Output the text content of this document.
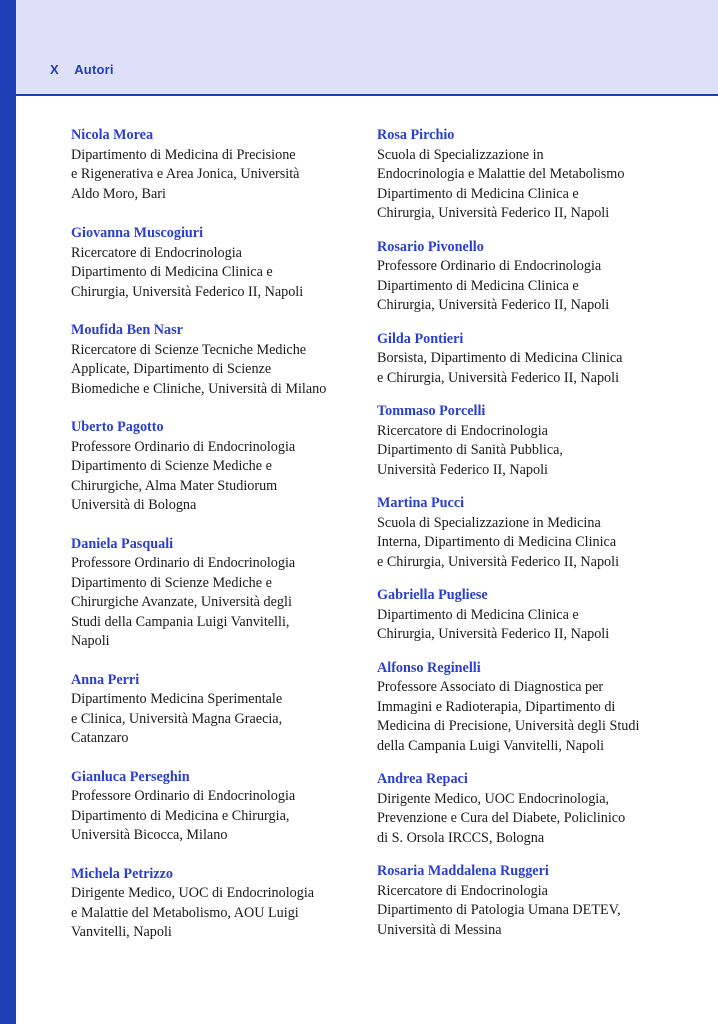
X Autori
Nicola Morea
Dipartimento di Medicina di Precisione
e Rigenerativa e Area Jonica, Università
Aldo Moro, Bari
Giovanna Muscogiuri
Ricercatore di Endocrinologia
Dipartimento di Medicina Clinica e
Chirurgia, Università Federico II, Napoli
Moufida Ben Nasr
Ricercatore di Scienze Tecniche Mediche
Applicate, Dipartimento di Scienze
Biomediche e Cliniche, Università di Milano
Uberto Pagotto
Professore Ordinario di Endocrinologia
Dipartimento di Scienze Mediche e
Chirurgiche, Alma Mater Studiorum
Università di Bologna
Daniela Pasquali
Professore Ordinario di Endocrinologia
Dipartimento di Scienze Mediche e
Chirurgiche Avanzate, Università degli
Studi della Campania Luigi Vanvitelli,
Napoli
Anna Perri
Dipartimento Medicina Sperimentale
e Clinica, Università Magna Graecia,
Catanzaro
Gianluca Perseghin
Professore Ordinario di Endocrinologia
Dipartimento di Medicina e Chirurgia,
Università Bicocca, Milano
Michela Petrizzo
Dirigente Medico, UOC di Endocrinologia
e Malattie del Metabolismo, AOU Luigi
Vanvitelli, Napoli
Rosa Pirchio
Scuola di Specializzazione in
Endocrinologia e Malattie del Metabolismo
Dipartimento di Medicina Clinica e
Chirurgia, Università Federico II, Napoli
Rosario Pivonello
Professore Ordinario di Endocrinologia
Dipartimento di Medicina Clinica e
Chirurgia, Università Federico II, Napoli
Gilda Pontieri
Borsista, Dipartimento di Medicina Clinica
e Chirurgia, Università Federico II, Napoli
Tommaso Porcelli
Ricercatore di Endocrinologia
Dipartimento di Sanità Pubblica,
Università Federico II, Napoli
Martina Pucci
Scuola di Specializzazione in Medicina
Interna, Dipartimento di Medicina Clinica
e Chirurgia, Università Federico II, Napoli
Gabriella Pugliese
Dipartimento di Medicina Clinica e
Chirurgia, Università Federico II, Napoli
Alfonso Reginelli
Professore Associato di Diagnostica per
Immagini e Radioterapia, Dipartimento di
Medicina di Precisione, Università degli Studi
della Campania Luigi Vanvitelli, Napoli
Andrea Repaci
Dirigente Medico, UOC Endocrinologia,
Prevenzione e Cura del Diabete, Policlinico
di S. Orsola IRCCS, Bologna
Rosaria Maddalena Ruggeri
Ricercatore di Endocrinologia
Dipartimento di Patologia Umana DETEV,
Università di Messina
